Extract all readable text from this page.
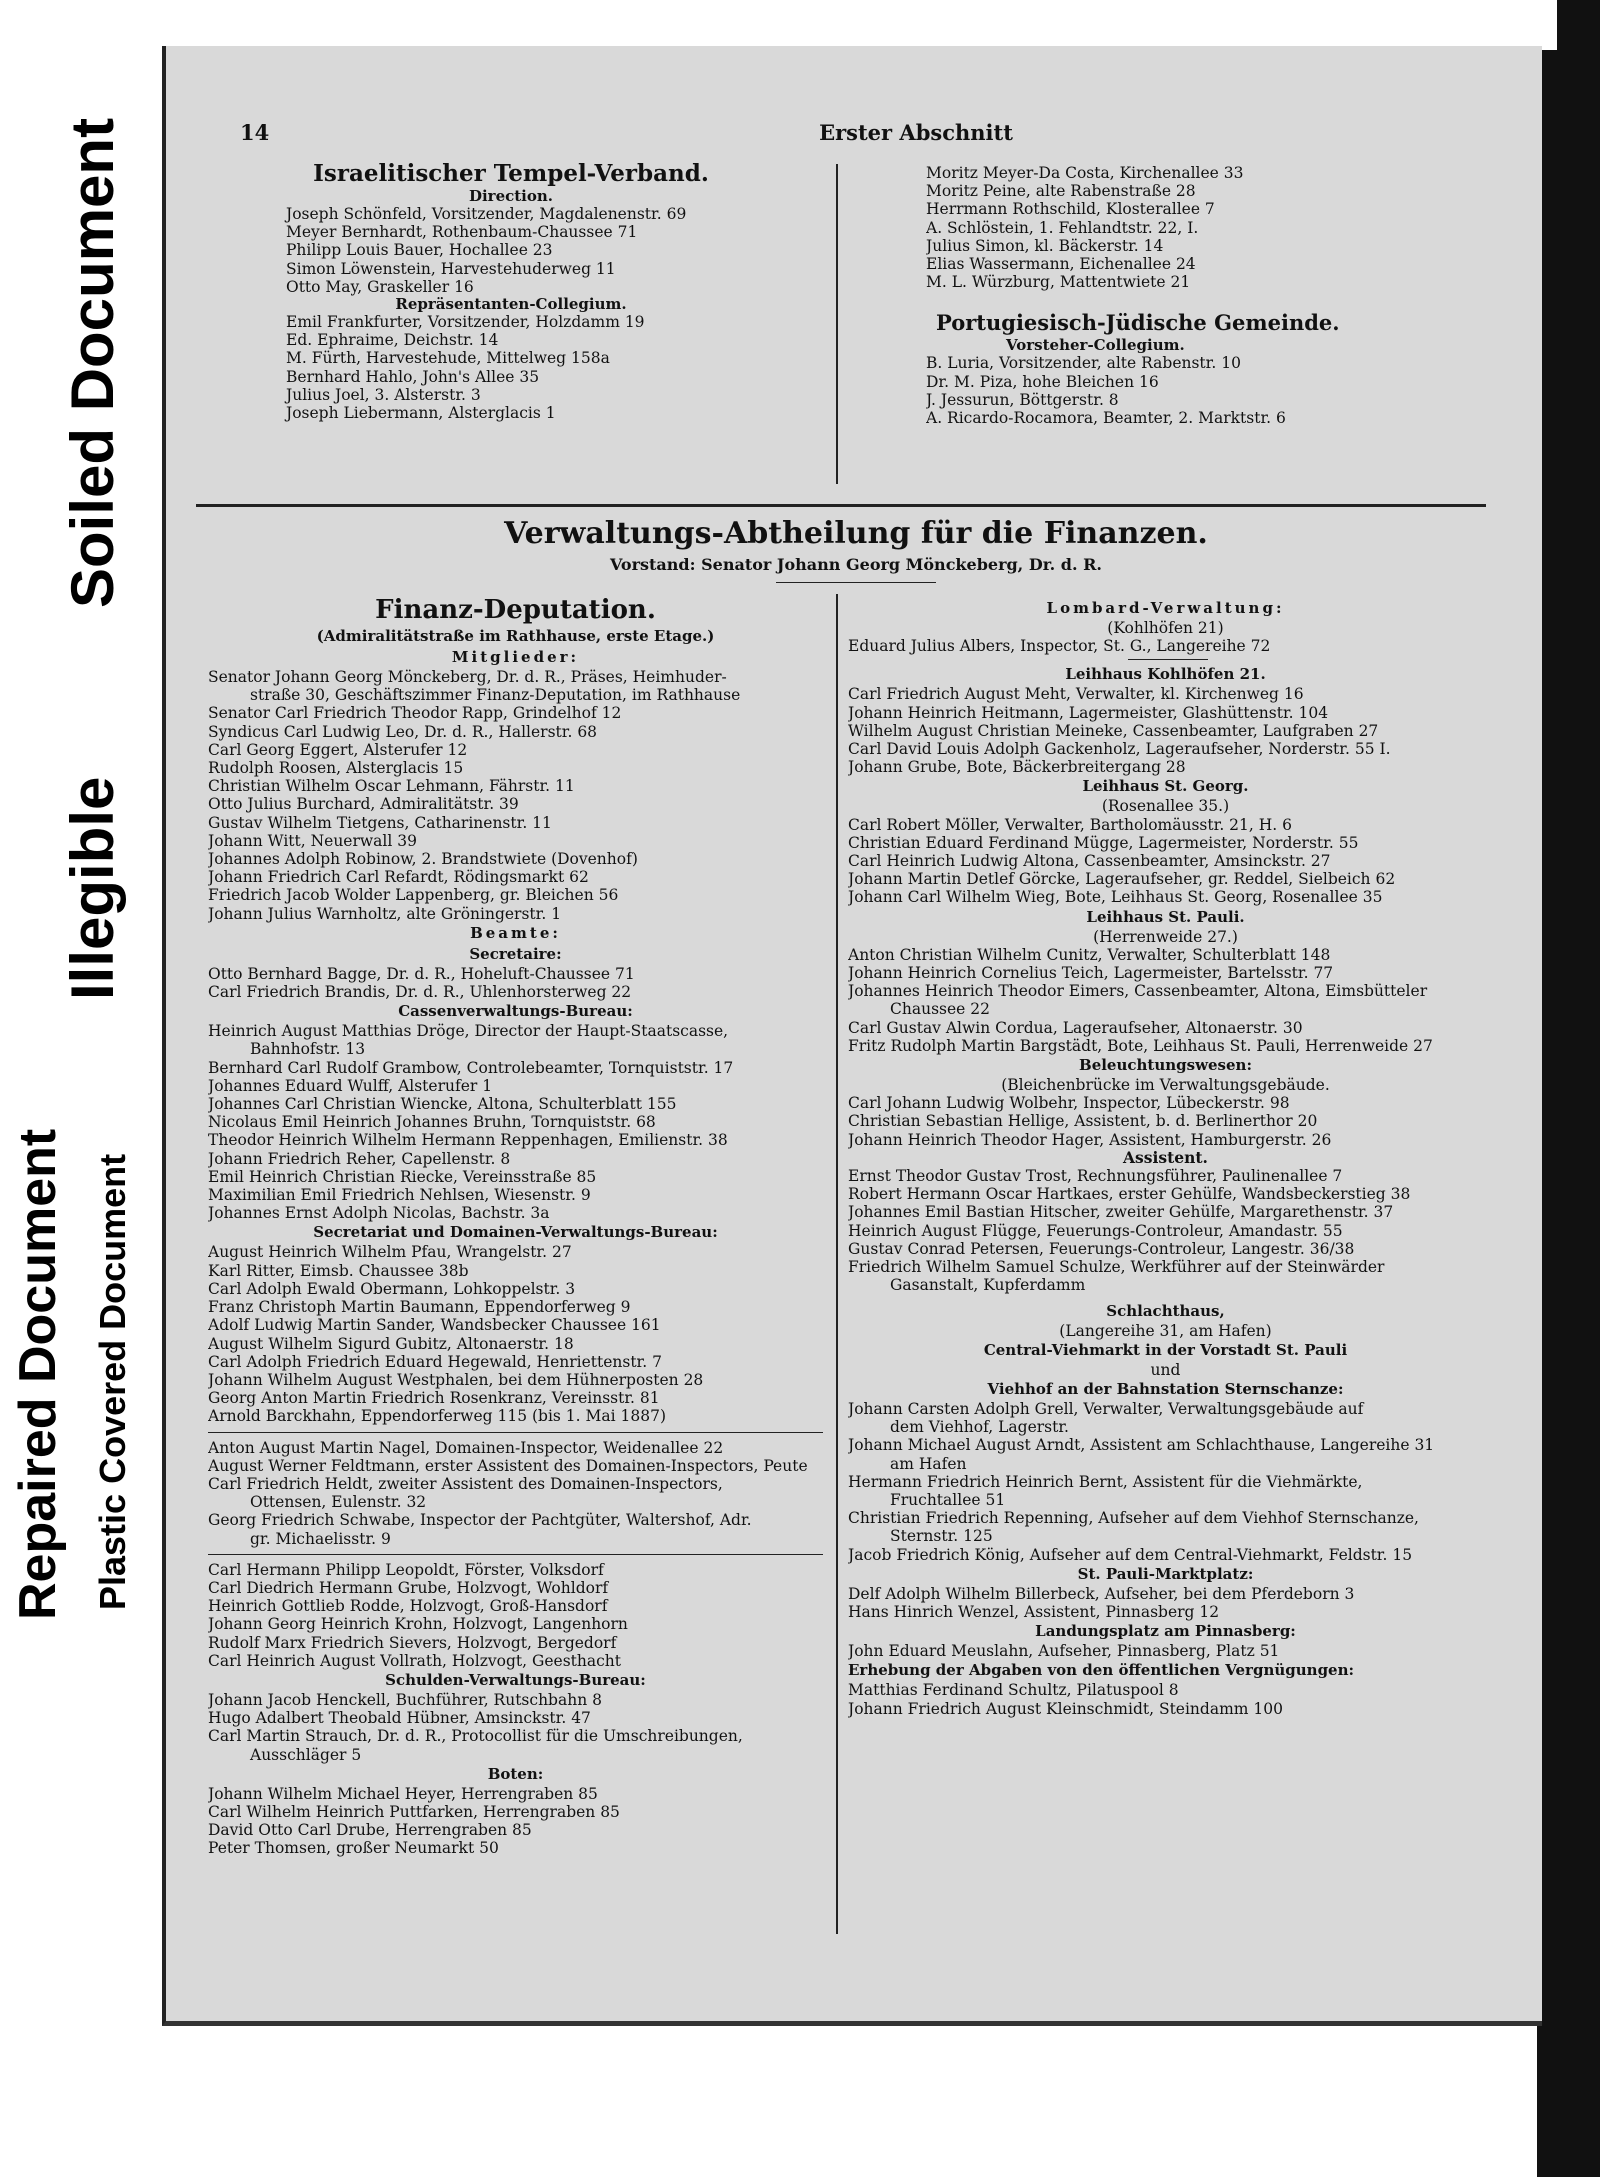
Soiled Document
Illegible
Repaired Document Plastic Covered Document
14	Erster Abschnitt
Israelitischer Tempel-Verband.
Direction.
Joseph Schönfeld, Vorsitzender, Magdalenenstr. 69
Meyer Bernhardt, Rothenbaum-Chaussee 71
Philipp Louis Bauer, Hochallee 23
Simon Löwenstein, Harvestehuderweg 11
Otto May, Graskeller 16
Repräsentanten-Collegium.
Emil Frankfurter, Vorsitzender, Holzdamm 19
Ed. Ephraime, Deichstr. 14
M. Fürth, Harvestehude, Mittelweg 158a
Bernhard Hahlo, John's Allee 35
Julius Joel, 3. Alsterstr. 3
Joseph Liebermann, Alsterglacis 1
Moritz Meyer-Da Costa, Kirchenallee 33
Moritz Peine, alte Rabenstraße 28
Herrmann Rothschild, Klosterallee 7
A. Schlöstein, 1. Fehlandtstr. 22, I.
Julius Simon, kl. Bäckerstr. 14
Elias Wassermann, Eichenallee 24
M. L. Würzburg, Mattentwiete 21
Portugiesisch-Jüdische Gemeinde.
Vorsteher-Collegium.
B. Luria, Vorsitzender, alte Rabenstr. 10
Dr. M. Piza, hohe Bleichen 16
J. Jessurun, Böttgerstr. 8
A. Ricardo-Rocamora, Beamter, 2. Marktstr. 6
Verwaltungs-Abtheilung für die Finanzen.
Vorstand: Senator Johann Georg Mönckeberg, Dr. d. R.
Finanz-Deputation.
(Admiralitätstraße im Rathhause, erste Etage.)
Mitglieder:
Senator Johann Georg Mönckeberg, Dr. d. R., Präses, Heimhuder-
straße 30, Geschäftszimmer Finanz-Deputation, im Rathhause
Senator Carl Friedrich Theodor Rapp, Grindelhof 12
Syndicus Carl Ludwig Leo, Dr. d. R., Hallerstr. 68
Carl Georg Eggert, Alsterufer 12
Rudolph Roosen, Alsterglacis 15
Christian Wilhelm Oscar Lehmann, Fährstr. 11
Otto Julius Burchard, Admiralitätstr. 39
Gustav Wilhelm Tietgens, Catharinenstr. 11
Johann Witt, Neuerwall 39
Johannes Adolph Robinow, 2. Brandstwiete (Dovenhof)
Johann Friedrich Carl Refardt, Rödingsmarkt 62
Friedrich Jacob Wolder Lappenberg, gr. Bleichen 56
Johann Julius Warnholtz, alte Gröningerstr. 1
Beamte:
Secretaire:
Otto Bernhard Bagge, Dr. d. R., Hoheluft-Chaussee 71
Carl Friedrich Brandis, Dr. d. R., Uhlenhorsterweg 22
Cassenverwaltungs-Bureau:
Heinrich August Matthias Dröge, Director der Haupt-Staatscasse,
Bahnhofstr. 13
Bernhard Carl Rudolf Grambow, Controlebeamter, Tornquiststr. 17
Johannes Eduard Wulff, Alsterufer 1
Johannes Carl Christian Wiencke, Altona, Schulterblatt 155
Nicolaus Emil Heinrich Johannes Bruhn, Tornquiststr. 68
Theodor Heinrich Wilhelm Hermann Reppenhagen, Emilienstr. 38
Johann Friedrich Reher, Capellenstr. 8
Emil Heinrich Christian Riecke, Vereinsstraße 85
Maximilian Emil Friedrich Nehlsen, Wiesenstr. 9
Johannes Ernst Adolph Nicolas, Bachstr. 3a
Secretariat und Domainen-Verwaltungs-Bureau:
August Heinrich Wilhelm Pfau, Wrangelstr. 27
Karl Ritter, Eimsb. Chaussee 38b
Carl Adolph Ewald Obermann, Lohkoppelstr. 3
Franz Christoph Martin Baumann, Eppendorferweg 9
Adolf Ludwig Martin Sander, Wandsbecker Chaussee 161
August Wilhelm Sigurd Gubitz, Altonaerstr. 18
Carl Adolph Friedrich Eduard Hegewald, Henriettenstr. 7
Johann Wilhelm August Westphalen, bei dem Hühnerposten 28
Georg Anton Martin Friedrich Rosenkranz, Vereinsstr. 81
Arnold Barckhahn, Eppendorferweg 115 (bis 1. Mai 1887)
Anton August Martin Nagel, Domainen-Inspector, Weidenallee 22
August Werner Feldtmann, erster Assistent des Domainen-Inspectors, Peute
Carl Friedrich Heldt, zweiter Assistent des Domainen-Inspectors,
Ottensen, Eulenstr. 32
Georg Friedrich Schwabe, Inspector der Pachtgüter, Waltershof, Adr.
gr. Michaelisstr. 9
Carl Hermann Philipp Leopoldt, Förster, Volksdorf
Carl Diedrich Hermann Grube, Holzvogt, Wohldorf
Heinrich Gottlieb Rodde, Holzvogt, Groß-Hansdorf
Johann Georg Heinrich Krohn, Holzvogt, Langenhorn
Rudolf Marx Friedrich Sievers, Holzvogt, Bergedorf
Carl Heinrich August Vollrath, Holzvogt, Geesthacht
Schulden-Verwaltungs-Bureau:
Johann Jacob Henckell, Buchführer, Rutschbahn 8
Hugo Adalbert Theobald Hübner, Amsinckstr. 47
Carl Martin Strauch, Dr. d. R., Protocollist für die Umschreibungen,
Ausschläger 5
Boten:
Johann Wilhelm Michael Heyer, Herrengraben 85
Carl Wilhelm Heinrich Puttfarken, Herrengraben 85
David Otto Carl Drube, Herrengraben 85
Peter Thomsen, großer Neumarkt 50
Lombard-Verwaltung:
(Kohlhöfen 21)
Eduard Julius Albers, Inspector, St. G., Langereihe 72
Leihhaus Kohlhöfen 21.
Carl Friedrich August Meht, Verwalter, kl. Kirchenweg 16
Johann Heinrich Heitmann, Lagermeister, Glashüttenstr. 104
Wilhelm August Christian Meineke, Cassenbeamter, Laufgraben 27
Carl David Louis Adolph Gackenholz, Lageraufseher, Norderstr. 55 I.
Johann Grube, Bote, Bäckerbreitergang 28
Leihhaus St. Georg.
(Rosenallee 35.)
Carl Robert Möller, Verwalter, Bartholomäusstr. 21, H. 6
Christian Eduard Ferdinand Mügge, Lagermeister, Norderstr. 55
Carl Heinrich Ludwig Altona, Cassenbeamter, Amsinckstr. 27
Johann Martin Detlef Görcke, Lageraufseher, gr. Reddel, Sielbeich 62
Johann Carl Wilhelm Wieg, Bote, Leihhaus St. Georg, Rosenallee 35
Leihhaus St. Pauli.
(Herrenweide 27.)
Anton Christian Wilhelm Cunitz, Verwalter, Schulterblatt 148
Johann Heinrich Cornelius Teich, Lagermeister, Bartelsstr. 77
Johannes Heinrich Theodor Eimers, Cassenbeamter, Altona, Eimsbütteler
Chaussee 22
Carl Gustav Alwin Cordua, Lageraufseher, Altonaerstr. 30
Fritz Rudolph Martin Bargstädt, Bote, Leihhaus St. Pauli, Herrenweide 27
Beleuchtungswesen:
(Bleichenbrücke im Verwaltungsgebäude.
Carl Johann Ludwig Wolbehr, Inspector, Lübeckerstr. 98
Christian Sebastian Hellige, Assistent, b. d. Berlinerthor 20
Johann Heinrich Theodor Hager, Assistent, Hamburgerstr. 26
Assistent.
Ernst Theodor Gustav Trost, Rechnungsführer, Paulinenallee 7
Robert Hermann Oscar Hartkaes, erster Gehülfe, Wandsbeckerstieg 38
Johannes Emil Bastian Hitscher, zweiter Gehülfe, Margarethenstr. 37
Heinrich August Flügge, Feuerungs-Controleur, Amandastr. 55
Gustav Conrad Petersen, Feuerungs-Controleur, Langestr. 36/38
Friedrich Wilhelm Samuel Schulze, Werkführer auf der Steinwärder
Gasanstalt, Kupferdamm
Schlachthaus,
(Langereihe 31, am Hafen)
Central-Viehmarkt in der Vorstadt St. Pauli
und
Viehhof an der Bahnstation Sternschanze:
Johann Carsten Adolph Grell, Verwalter, Verwaltungsgebäude auf
dem Viehhof, Lagerstr.
Johann Michael August Arndt, Assistent am Schlachthause, Langereihe 31
am Hafen
Hermann Friedrich Heinrich Bernt, Assistent für die Viehmärkte,
Fruchtallee 51
Christian Friedrich Repenning, Aufseher auf dem Viehhof Sternschanze,
Sternstr. 125
Jacob Friedrich König, Aufseher auf dem Central-Viehmarkt, Feldstr. 15
St. Pauli-Marktplatz:
Delf Adolph Wilhelm Billerbeck, Aufseher, bei dem Pferdeborn 3
Hans Hinrich Wenzel, Assistent, Pinnasberg 12
Landungsplatz am Pinnasberg:
John Eduard Meuslahn, Aufseher, Pinnasberg, Platz 51
Erhebung der Abgaben von den öffentlichen Vergnügungen:
Matthias Ferdinand Schultz, Pilatuspool 8
Johann Friedrich August Kleinschmidt, Steindamm 100
